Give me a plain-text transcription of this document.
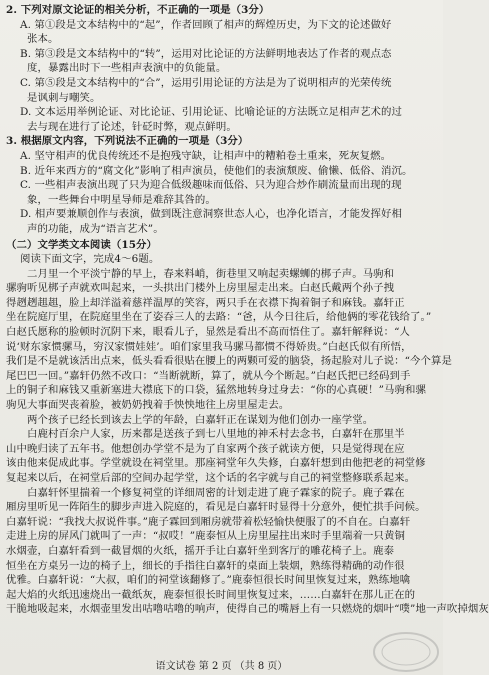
2. 下列对原文论证的相关分析，不正确的一项是（3分）
A. 第①段是文本结构中的“起”，作者回顾了相声的辉煌历史，为下文的论述做好
张本。
B. 第③段是文本结构中的“转”，运用对比论证的方法鲜明地表达了作者的观点态
度，暴露出时下一些相声表演中的负能量。
C. 第⑤段是文本结构中的“合”，运用引用论证的方法是为了说明相声的光荣传统
是讽刺与嘲笑。
D. 文本运用举例论证、对比论证、引用论证、比喻论证的方法既立足相声艺术的过
去与现在进行了论述，针砭时弊，观点鲜明。
3. 根据原文内容，下列说法不正确的一项是（3分）
A. 坚守相声的优良传统还不是抱残守缺，让相声中的糟粕卷土重来，死灰复燃。
B. 近年来西方的“腐文化”影响了相声演员，使他们的表演颓废、偷懒、低俗、消沉。
C. 一些相声表演出现了只为迎合低级趣味而低俗、只为迎合炒作刷流量而出现的现
象，一些舞台中明星导师是难辞其咎的。
D. 相声要兼顺创作与表演，做到既注意洞察世态人心，也净化语言，才能发挥好相
声的功能，成为“语言艺术”。
（二）文学类文本阅读（15分）
阅读下面文字，完成4～6题。
二月里一个平淡宁静的早上，春来料峭，街巷里又响起卖螺蛳的梆子声。马驹和
骡驹听见梆子声就欢叫起来，一头拱出门楼外上房里屋走出来。白赵氏戴两个孙子拽
得趔趔趄趄，脸上却洋溢着慈祥温厚的笑容，两只手在衣襟下掏着铜子和麻钱。嘉轩正
坐在院庭厅里，在院庭里坐在了姿吞三人的去路：“爸，从今日往后，给他俩的零花钱给了。”
白赵氏愿称的脸顿时沉阴下来，眼看儿子，显然是看出不高而悟住了。嘉轩解释说：“人
说‘财东家惯骡马，穷汉家惯娃娃’。咱们家里我马骡马都惯不得娇贵。”白赵氏似有所悟，
我们是不是就该活出点来，低头看看很贴在腰上的两颗可爱的脑袋，扬起脸对儿子说：“今个算是
尾巴巴一回。”嘉轩仍然不改口：“当断就断，算了，就从今个断起。”白赵氏把已经码到手
上的铜子和麻钱又重新塞进大襟底下的口袋，猛然地转身过身去：“你的心真硬！”马驹和骡
驹见大事面哭丧着脸，被奶奶拽着手怏怏地往上房里屋走去。
两个孩子已经长到该去上学的年龄，白嘉轩正在谋划为他们创办一座学堂。
白鹿村百余户人家，历来都是送孩子到七八里地的神禾村去念书，白嘉轩在那里半
山中晚归读了五年书。他想创办学堂不是为了自家两个孩子就读方便，只是觉得现在应
该由他来促成此事。学堂就设在祠堂里。那座祠堂年久失修，白嘉轩想到由他把老的祠堂修
复起来以后，在祠堂后部的空间办起学堂，这个话的名字就与自己的祠堂整修联系起来。
白嘉轩怀里揣着一个修复祠堂的详细周密的计划走进了鹿子霖家的院子。鹿子霖在
厢房里听见一阵陌生的脚步声进入院庭的，看见是白嘉轩时显得十分意外，便忙拱手问候。
白嘉轩说：“我找大叔说件事。”鹿子霖回到厢房就带着松轻愉快便服了的不自在。白嘉轩
走进上房的屏风门就叫了一声：“叔哎！”鹿泰恒从上房里屋拄出来时手里端着一只黄铜
水烟壶，白嘉轩看到一截冒烟的火纸，摇开手让白嘉轩坐到客厅的雕花椅子上。鹿泰
恒坐在方桌另一边的椅子上，细长的手指往白嘉轩的桌面上装烟，熟练得精确的动作很
优雅。白嘉轩说：“大叔，咱们的祠堂该翻修了。”鹿泰恒很长时间里恢复过来，熟练地噙
起大焰的火纸迅速烧出一截纸灰，鹿泰恒很长时间里恢复过来，……白嘉轩在那儿正在的
干脆地吸起来，水烟壶里发出咕噜咕噜的响声，使得自己的嘴唇上有一只燃烧的烟叶“噗”地一声吹掉烟灰
语文试卷 第 2 页 （共 8 页）
